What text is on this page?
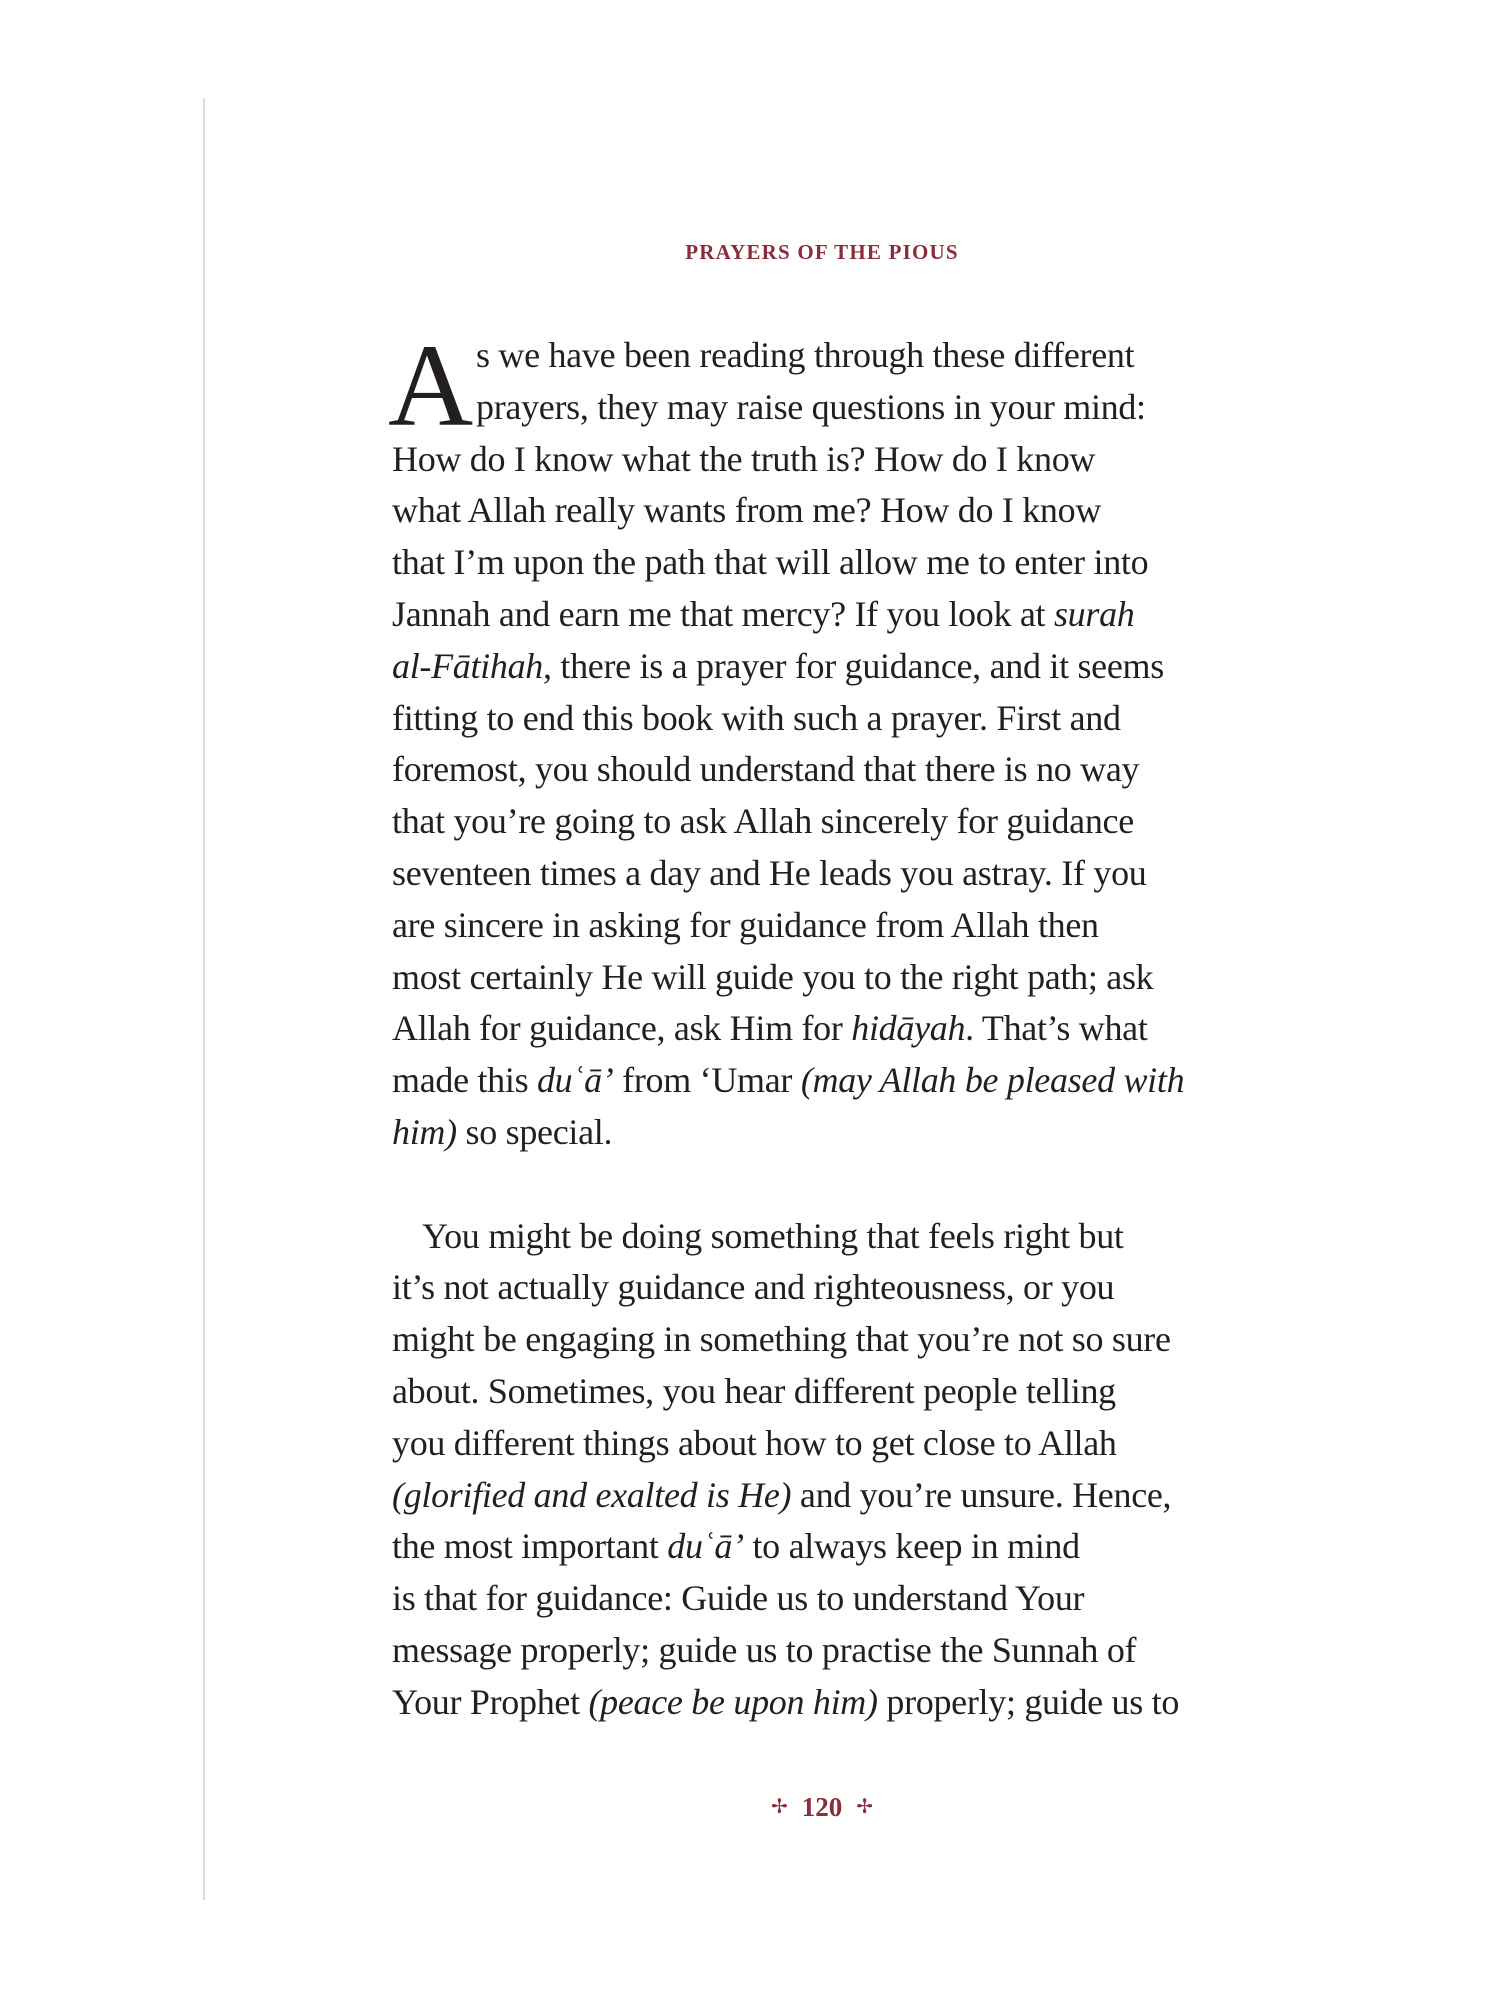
PRAYERS OF THE PIOUS
A s we have been reading through these different
prayers, they may raise questions in your mind:
How do I know what the truth is? How do I know
what Allah really wants from me? How do I know
that I’m upon the path that will allow me to enter into
Jannah and earn me that mercy? If you look at surah
al-Fātihah, there is a prayer for guidance, and it seems
fitting to end this book with such a prayer. First and
foremost, you should understand that there is no way
that you’re going to ask Allah sincerely for guidance
seventeen times a day and He leads you astray. If you
are sincere in asking for guidance from Allah then
most certainly He will guide you to the right path; ask
Allah for guidance, ask Him for hidāyah. That’s what
made this duʿā’ from ‘Umar (may Allah be pleased with
him) so special.
You might be doing something that feels right but
it’s not actually guidance and righteousness, or you
might be engaging in something that you’re not so sure
about. Sometimes, you hear different people telling
you different things about how to get close to Allah
(glorified and exalted is He) and you’re unsure. Hence,
the most important duʿā’ to always keep in mind
is that for guidance: Guide us to understand Your
message properly; guide us to practise the Sunnah of
Your Prophet (peace be upon him) properly; guide us to
✢ 120 ✢
